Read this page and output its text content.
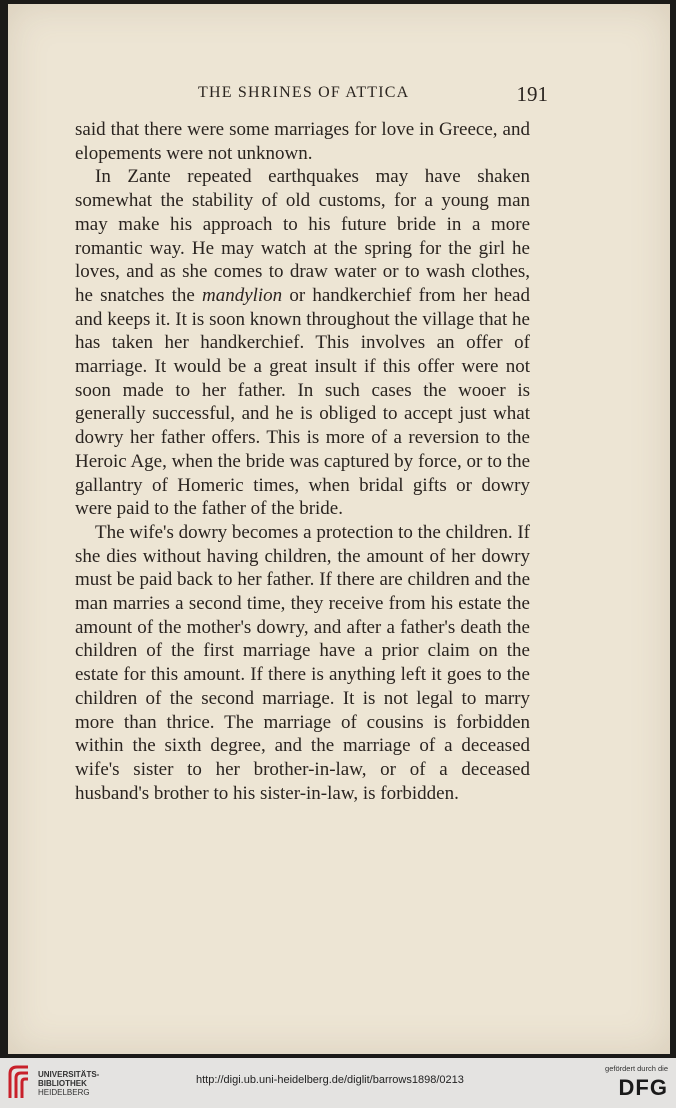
THE SHRINES OF ATTICA	191

said that there were some marriages for love in Greece, and elopements were not unknown.

In Zante repeated earthquakes may have shaken somewhat the stability of old customs, for a young man may make his approach to his future bride in a more romantic way. He may watch at the spring for the girl he loves, and as she comes to draw water or to wash clothes, he snatches the mandylion or handkerchief from her head and keeps it. It is soon known throughout the village that he has taken her handkerchief. This involves an offer of marriage. It would be a great insult if this offer were not soon made to her father. In such cases the wooer is generally successful, and he is obliged to accept just what dowry her father offers. This is more of a reversion to the Heroic Age, when the bride was captured by force, or to the gallantry of Homeric times, when bridal gifts or dowry were paid to the father of the bride.

The wife's dowry becomes a protection to the children. If she dies without having children, the amount of her dowry must be paid back to her father. If there are children and the man marries a second time, they receive from his estate the amount of the mother's dowry, and after a father's death the children of the first marriage have a prior claim on the estate for this amount. If there is anything left it goes to the children of the second marriage. It is not legal to marry more than thrice. The marriage of cousins is forbidden within the sixth degree, and the marriage of a deceased wife's sister to her brother-in-law, or of a deceased husband's brother to his sister-in-law, is forbidden.

UNIVERSITÄTS-
BIBLIOTHEK
HEIDELBERG
http://digi.ub.uni-heidelberg.de/diglit/barrows1898/0213
gefördert durch die
DFG
